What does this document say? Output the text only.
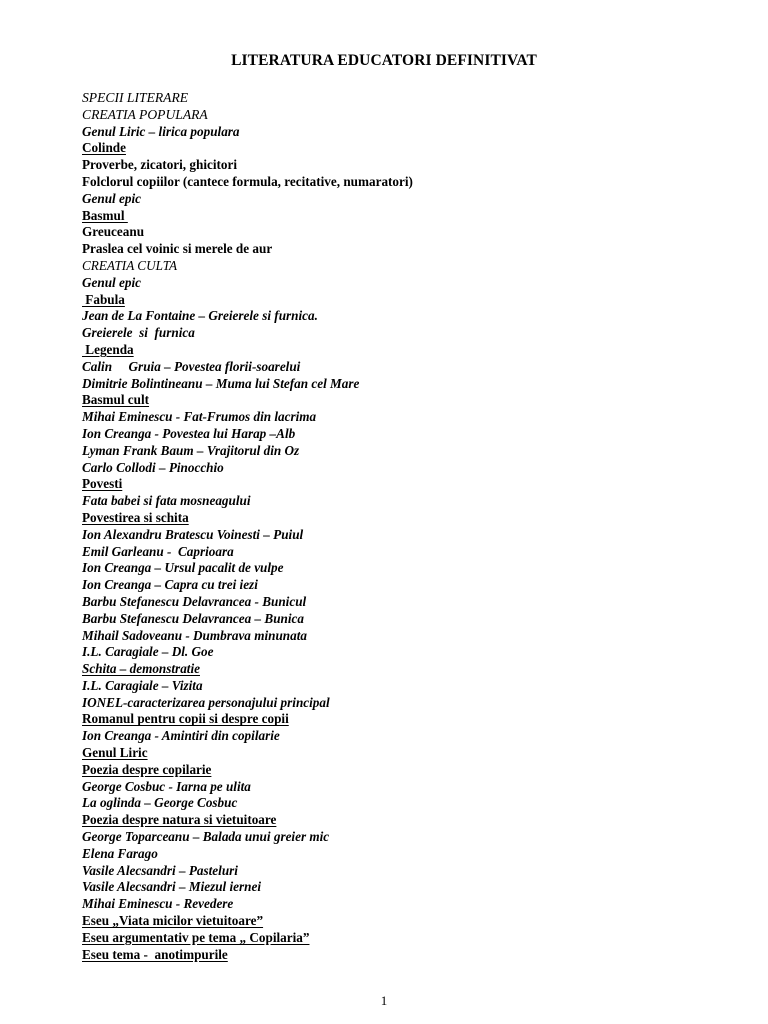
LITERATURA EDUCATORI DEFINITIVAT
SPECII LITERARE
CREATIA POPULARA
Genul Liric – lirica populara
Colinde
Proverbe, zicatori, ghicitori
Folclorul copiilor (cantece formula, recitative, numaratori)
Genul epic
Basmul
Greuceanu
Praslea cel voinic si merele de aur
CREATIA CULTA
Genul epic
Fabula
Jean de La Fontaine – Greierele si furnica.
Greierele  si  furnica
Legenda
Calin     Gruia – Povestea florii-soarelui
Dimitrie Bolintineanu – Muma lui Stefan cel Mare
Basmul cult
Mihai Eminescu - Fat-Frumos din lacrima
Ion Creanga - Povestea lui Harap –Alb
Lyman Frank Baum – Vrajitorul din Oz
Carlo Collodi – Pinocchio
Povesti
Fata babei si fata mosneagului
Povestirea si schita
Ion Alexandru Bratescu Voinesti – Puiul
Emil Garleanu -  Caprioara
Ion Creanga – Ursul pacalit de vulpe
Ion Creanga – Capra cu trei iezi
Barbu Stefanescu Delavrancea - Bunicul
Barbu Stefanescu Delavrancea – Bunica
Mihail Sadoveanu - Dumbrava minunata
I.L. Caragiale – Dl. Goe
Schita – demonstratie
I.L. Caragiale – Vizita
IONEL-caracterizarea personajului principal
Romanul pentru copii si despre copii
Ion Creanga - Amintiri din copilarie
Genul Liric
Poezia despre copilarie
George Cosbuc - Iarna pe ulita
La oglinda – George Cosbuc
Poezia despre natura si vietuitoare
George Toparceanu – Balada unui greier mic
Elena Farago
Vasile Alecsandri – Pasteluri
Vasile Alecsandri – Miezul iernei
Mihai Eminescu - Revedere
Eseu „Viata micilor vietuitoare”
Eseu argumentativ pe tema „ Copilaria”
Eseu tema -  anotimpurile
1
